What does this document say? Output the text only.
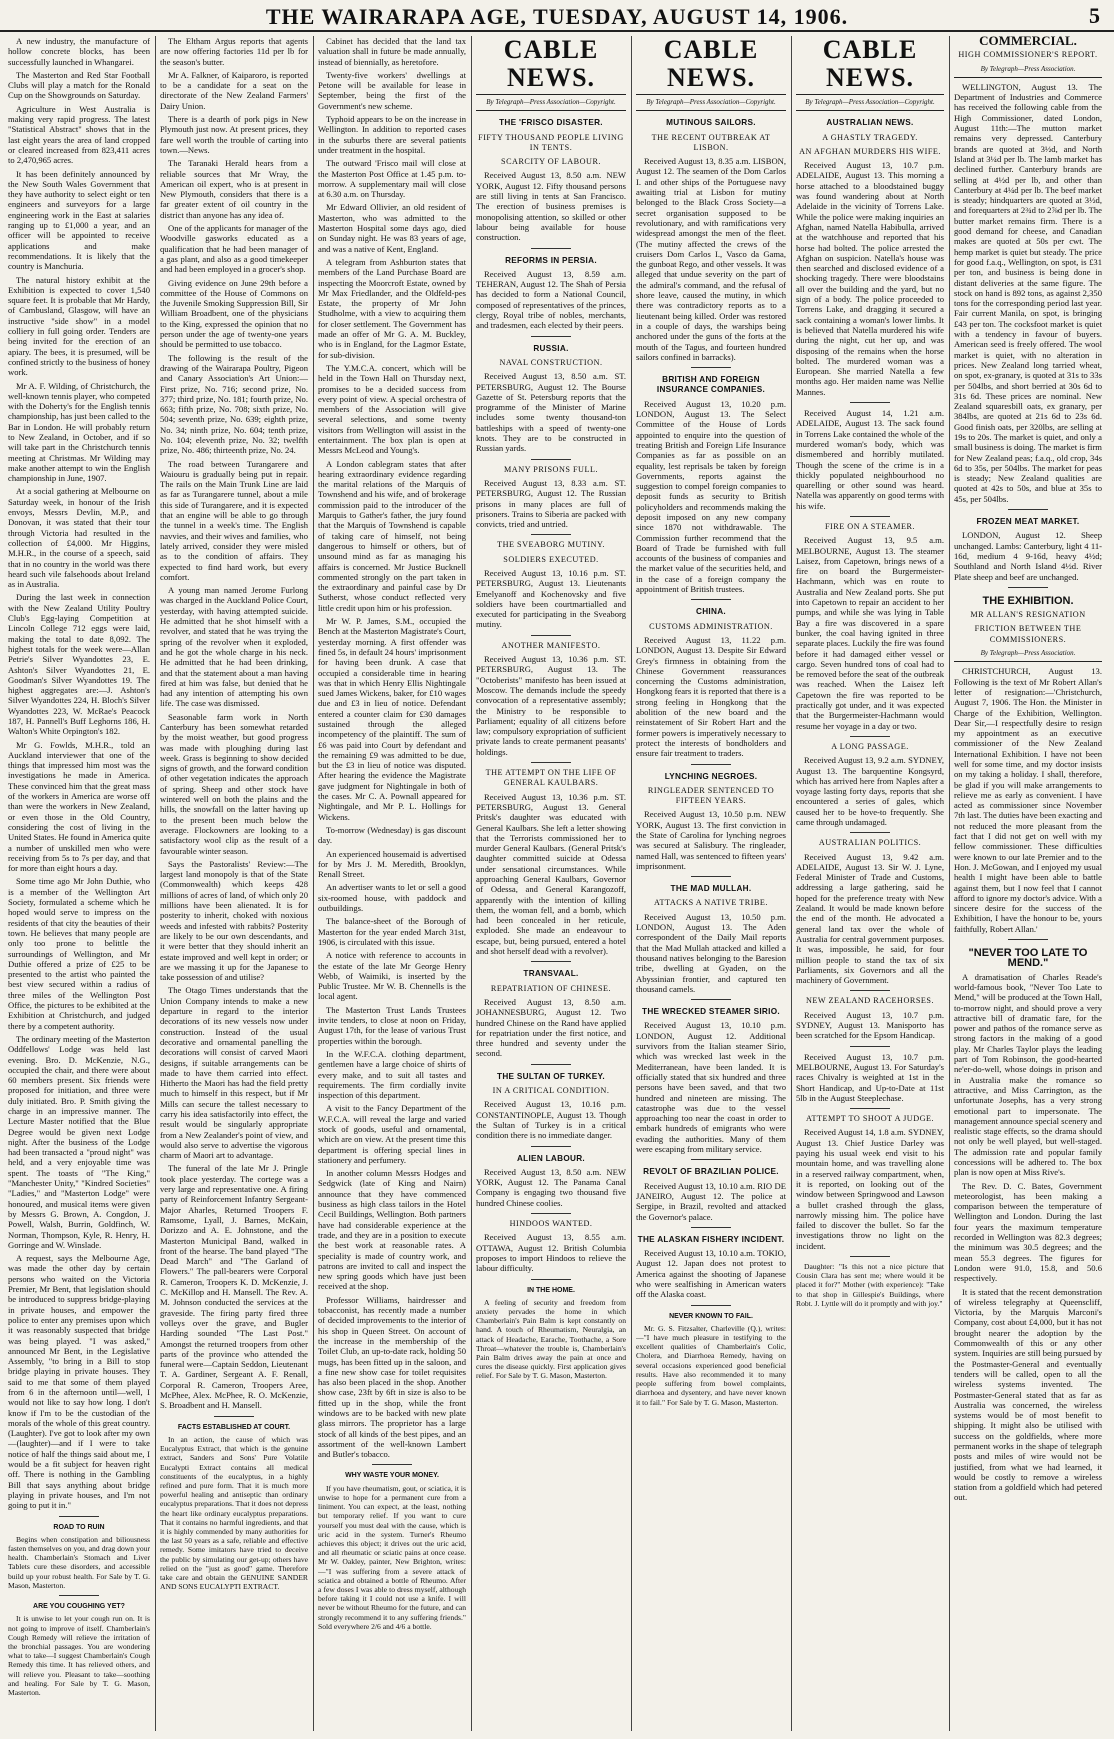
THE WAIRARAPA AGE, TUESDAY, AUGUST 14, 1906.	5

A new industry, the manufacture of hollow concrete blocks, has been successfully launched in Whangarei.

The Masterton and Red Star Football Clubs will play a match for the Ronald Cup on the Showgrounds on Saturday.

Agriculture in West Australia is making very rapid progress. The latest "Statistical Abstract" shows that in the last eight years the area of land cropped or cleared increased from 823,411 acres to 2,470,965 acres.

It has been definitely announced by the New South Wales Government that they have authority to select eight or ten engineers and surveyors for a large engineering work in the East at salaries ranging up to £1,000 a year, and an officer will be appointed to receive applications and make recommendations. It is likely that the country is Manchuria.

The natural history exhibit at the Exhibition is expected to cover 1,540 square feet. It is probable that Mr Hardy, of Cambusland, Glasgow, will have an instructive "side show" in a model colliery in full going order. Tenders are being invited for the erection of an apiary. The bees, it is presumed, will be confined strictly to the business of honey work.

Mr A. F. Wilding, of Christchurch, the well-known tennis player, who competed with the Doherty's for the English tennis championship, has just been called to the Bar in London. He will probably return to New Zealand, in October, and if so will take part in the Christchurch tennis meeting at Christmas. Mr Wilding may make another attempt to win the English championship in June, 1907.

At a social gathering at Melbourne on Saturday week, in honour of the Irish envoys, Messrs Devlin, M.P., and Donovan, it was stated that their tour through Victoria had resulted in the collection of £4,000. Mr Higgins, M.H.R., in the course of a speech, said that in no country in the world was there heard such vile falsehoods about Ireland as in Australia.

During the last week in connection with the New Zealand Utility Poultry Club's Egg-laying Competition at Lincoln College 712 eggs were laid, making the total to date 8,092. The highest totals for the week were—Allan Petrie's Silver Wyandottes 23, E. Ashton's Silver Wyandottes 21, E. Goodman's Silver Wyandottes 19. The highest aggregates are:—J. Ashton's Silver Wyandottes 224, H. Bloch's Silver Wyandottes 223, W. McRae's Peacock 187, H. Pannell's Buff Leghorns 186, H. Walton's White Orpington's 182.

Mr G. Fowlds, M.H.R., told an Auckland interviewer that one of the things that impressed him most was the investigations he made in America. These convinced him that the great mass of the workers in America are worse off than were the workers in New Zealand, or even those in the Old Country, considering the cost of living in the United States. He found in America quite a number of unskilled men who were receiving from 5s to 7s per day, and that for more than eight hours a day.

Some time ago Mr John Duthie, who is a member of the Wellington Art Society, formulated a scheme which he hoped would serve to impress on the residents of that city the beauties of their town. He believes that many people are only too prone to belittle the surroundings of Wellington, and Mr Duthie offered a prize of £25 to be presented to the artist who painted the best view secured within a radius of three miles of the Wellington Post Office, the pictures to be exhibited at the Exhibition at Christchurch, and judged there by a competent authority.

The ordinary meeting of the Masterton Oddfellows' Lodge was held last evening. Bro. D. McKenzie, N.G., occupied the chair, and there were about 60 members present. Six friends were proposed for initiation, and three were duly initiated. Bro. P. Smith giving the charge in an impressive manner. The Lecture Master notified that the Blue Degree would be given next Lodge night. After the business of the Lodge had been transacted a "proud night" was held, and a very enjoyable time was spent. The toasts of "The King," "Manchester Unity," "Kindred Societies" "Ladies," and "Masterton Lodge" were honoured, and musical items were given by Messrs G. Brown, A. Congdon, J. Powell, Walsh, Burrin, Goldfinch, W. Norman, Thompson, Kyle, R. Henry, H. Gorringe and W. Winslade.

A request, says the Melbourne Age, was made the other day by certain persons who waited on the Victoria Premier, Mr Bent, that legislation should be introduced to suppress bridge-playing in private houses, and empower the police to enter any premises upon which it was reasonably suspected that bridge was being played. "I was asked," announced Mr Bent, in the Legislative Assembly, "to bring in a Bill to stop bridge playing in private houses. They said to me that some of them played from 6 in the afternoon until—well, I would not like to say how long. I don't know if I'm to be the custodian of the morals of the whole of this great country. (Laughter). I've got to look after my own—(laughter)—and if I were to take notice of half the things said about me, I would be a fit subject for heaven right off. There is nothing in the Gambling Bill that says anything about bridge playing in private houses, and I'm not going to put it in."

ROAD TO RUIN

Begins when constipation and biliousness fasten themselves on you, and drag down your health. Chamberlain's Stomach and Liver Tablets cure these disorders, and accessible build up your robust health. For Sale by T. G. Mason, Masterton.

ARE YOU COUGHING YET?

It is unwise to let your cough run on. It is not going to improve of itself. Chamberlain's Cough Remedy will relieve the irritation of the bronchial passages. You are wondering what to take—I suggest Chamberlain's Cough Remedy this time. It has relieved others, and will relieve you. Pleasant to take—soothing and healing. For Sale by T. G. Mason, Masterton.

The Eltham Argus reports that agents are now offering factories 11d per lb for the season's butter.

Mr A. Falkner, of Kaiparoro, is reported to be a candidate for a seat on the directorate of the New Zealand Farmers' Dairy Union.

There is a dearth of pork pigs in New Plymouth just now. At present prices, they fare well worth the trouble of carting into town.—News.

The Taranaki Herald hears from a reliable sources that Mr Wray, the American oil expert, who is at present in New Plymouth, considers that there is a far greater extent of oil country in the district than anyone has any idea of.

One of the applicants for manager of the Woodville gasworks educated as a qualification that he had been manager of a gas plant, and also as a good timekeeper and had been employed in a grocer's shop.

Giving evidence on June 29th before a committee of the House of Commons on the Juvenile Smoking Suppression Bill, Sir William Broadbent, one of the physicians to the King, expressed the opinion that no person under the age of twenty-one years should be permitted to use tobacco.

The following is the result of the drawing of the Wairarapa Poultry, Pigeon and Canary Association's Art Union:—First prize, No. 716; second prize, No. 377; third prize, No. 181; fourth prize, No. 663; fifth prize, No. 708; sixth prize, No. 504; seventh prize, No. 639; eighth prize, No. 34; ninth prize, No. 604; tenth prize, No. 104; eleventh prize, No. 32; twelfth prize, No. 486; thirteenth prize, No. 24.

The road between Turangarere and Waiouru is gradually being put in repair. The rails on the Main Trunk Line are laid as far as Turangarere tunnel, about a mile this side of Turangarere, and it is expected that an engine will be able to go through the tunnel in a week's time. The English navvies, and their wives and families, who lately arrived, consider they were misled as to the condition of affairs. They expected to find hard work, but every comfort.

A young man named Jerome Furlong was charged in the Auckland Police Court, yesterday, with having attempted suicide. He admitted that he shot himself with a revolver, and stated that he was trying the spring of the revolver when it exploded, and he got the whole charge in his neck. He admitted that he had been drinking, and that the statement about a man having fired at him was false, but denied that he had any intention of attempting his own life. The case was dismissed.

Seasonable farm work in North Canterbury has been somewhat retarded by the moist weather, but good progress was made with ploughing during last week. Grass is beginning to show decided signs of growth, and the forward condition of other vegetation indicates the approach of spring. Sheep and other stock have wintered well on both the plains and the hills, the snowfall on the latter having up to the present been much below the average. Flockowners are looking to a satisfactory wool clip as the result of a favourable winter season.

Says the Pastoralists' Review:—The largest land monopoly is that of the State (Commonwealth) which keeps 428 millions of acres of land, of which only 20 millions have been alienated. It is for posterity to inherit, choked with noxious weeds and infested with rabbits? Posterity are likely to be our own descendants, and it were better that they should inherit an estate improved and well kept in order; or are we massing it up for the Japanese to take possession of and utilise?

The Otago Times understands that the Union Company intends to make a new departure in regard to the interior decorations of its new vessels now under construction. Instead of the usual decorative and ornamental panelling the decorations will consist of carved Maori designs, if suitable arrangements can be made to have them carried into effect. Hitherto the Maori has had the field pretty much to himself in this respect, but if Mr Mills can secure the tallest necessary to carry his idea satisfactorily into effect, the result would be singularly appropriate from a New Zealander's point of view, and would also serve to advertise the vigorous charm of Maori art to advantage.

The funeral of the late Mr J. Pringle took place yesterday. The cortege was a very large and representative one. A firing party of Reinforcement Infantry Sergeant-Major Aharles, Returned Troopers F. Ramsome, Lyall, J. Barnes, McKain, Dorizzo and A. E. Johnstone, and the Masterton Municipal Band, walked in front of the hearse. The band played "The Dead March" and "The Garland of Flowers." The pall-bearers were Corporal R. Cameron, Troopers K. D. McKenzie, J. C. McKillop and H. Mansell. The Rev. A. M. Johnson conducted the services at the graveside. The firing party fired three volleys over the grave, and Bugler Harding sounded "The Last Post." Amongst the returned troopers from other parts of the province who attended the funeral were—Captain Seddon, Lieutenant T. A. Gardiner, Sergeant A. F. Renall, Corporal R. Cameron, Troopers Aree, McPhee, Alex. McPhee, R. O. McKenzie, S. Broadbent and H. Mansell.

FACTS ESTABLISHED AT COURT.

In an action, the cause of which was Eucalyptus Extract, that which is the genuine extract, Sanders and Sons' Pure Volatile Eucalypti Extract contains all medical constituents of the eucalyptus, in a highly refined and pure form. That it is much more powerful healing and antiseptic than ordinary eucalyptus preparations. That it does not depress the heart like ordinary eucalyptus preparations. That it contains no harmful ingredients, and that it is highly commended by many authorities for the last 50 years as a safe, reliable and effective remedy. Some imitators have tried to deceive the public by simulating our get-up; others have relied on the "just as good" game. Therefore take care and obtain the GENUINE SANDER AND SONS EUCALYPTI EXTRACT.

Cabinet has decided that the land tax valuation shall in future be made annually, instead of biennially, as heretofore.

Twenty-five workers' dwellings at Petone will be available for lease in September, being the first of the Government's new scheme.

Typhoid appears to be on the increase in Wellington. In addition to reported cases in the suburbs there are several patients under treatment in the hospital.

The outward 'Frisco mail will close at the Masterton Post Office at 1.45 p.m. to-morrow. A supplementary mail will close at 6.30 a.m. on Thursday.

Mr Edward Ollivier, an old resident of Masterton, who was admitted to the Masterton Hospital some days ago, died on Sunday night. He was 83 years of age, and was a native of Kent, England.

A telegram from Ashburton states that members of the Land Purchase Board are inspecting the Moorcroft Estate, owned by Mr Max Friedlander, and the Oldfeld-pes Estate, the property of Mr John Studholme, with a view to acquiring them for closer settlement. The Government has made an offer of Mr G. A. M. Buckley, who is in England, for the Lagmor Estate, for sub-division.

The Y.M.C.A. concert, which will be held in the Town Hall on Thursday next, promises to be a decided success from every point of view. A special orchestra of members of the Association will give several selections, and some twenty visitors from Wellington will assist in the entertainment. The box plan is open at Messrs McLeod and Young's.

A London cablegram states that after hearing extraordinary evidence regarding the marital relations of the Marquis of Townshend and his wife, and of brokerage commission paid to the introducer of the Marquis to Gather's father, the jury found that the Marquis of Townshend is capable of taking care of himself, not being dangerous to himself or others, but of unsound mind as far as managing his affairs is concerned. Mr Justice Bucknell commented strongly on the part taken in the extraordinary and painful case by Dr Sutherst, whose conduct reflected very little credit upon him or his profession.

Mr W. P. James, S.M., occupied the Bench at the Masterton Magistrate's Court, yesterday morning. A first offender was fined 5s, in default 24 hours' imprisonment for having been drunk. A case that occupied a considerable time in hearing was that in which Henry Ellis Nightingale sued James Wickens, baker, for £10 wages due and £3 in lieu of notice. Defendant entered a counter claim for £30 damages sustained through the alleged incompetency of the plaintiff. The sum of £6 was paid into Court by defendant and the remaining £9 was admitted to be due, but the £3 in lieu of notice was disputed. After hearing the evidence the Magistrate gave judgment for Nightingale in both of the cases. Mr C. A. Pownall appeared for Nightingale, and Mr P. L. Hollings for Wickens.

To-morrow (Wednesday) is gas discount day.

An experienced housemaid is advertised for by Mrs J. M. Meredith, Brooklyn, Renall Street.

An advertiser wants to let or sell a good six-roomed house, with paddock and outbuildings.

The balance-sheet of the Borough of Masterton for the year ended March 31st, 1906, is circulated with this issue.

A notice with reference to accounts in the estate of the late Mr George Henry Webb, of Waimiki, is inserted by the Public Trustee. Mr W. B. Chennells is the local agent.

The Masterton Trust Lands Trustees invite tenders, to close at noon on Friday, August 17th, for the lease of various Trust properties within the borough.

In the W.F.C.A. clothing department, gentlemen have a large choice of shirts of every make, and to suit all tastes and requirements. The firm cordially invite inspection of this department.

A visit to the Fancy Department of the W.F.C.A. will reveal the large and varied stock of goods, useful and ornamental, which are on view. At the present time this department is offering special lines in stationery and perfumery.

In another column Messrs Hodges and Sedgwick (late of King and Nairn) announce that they have commenced business as high class tailors in the Hotel Cecil Buildings, Wellington. Both partners have had considerable experience at the trade, and they are in a position to execute the best work at reasonable rates. A speciality is made of country work, and patrons are invited to call and inspect the new spring goods which have just been received at the shop.

Professor Williams, hairdresser and tobacconist, has recently made a number of decided improvements to the interior of his shop in Queen Street. On account of the increase in the membership of the Toilet Club, an up-to-date rack, holding 50 mugs, has been fitted up in the saloon, and a fine new show case for toilet requisites has also been placed in the shop. Another show case, 23ft by 6ft in size is also to be fitted up in the shop, while the front windows are to be backed with new plate glass mirrors. The proprietor has a large stock of all kinds of the best pipes, and an assortment of the well-known Lambert and Butler's tobacco.

WHY WASTE YOUR MONEY.

If you have rheumatism, gout, or sciatica, it is unwise to hope for a permanent cure from a liniment. You can expect, at the least, nothing but temporary relief. If you want to cure yourself you must deal with the cause, which is uric acid in the system. Turner's Rheumo achieves this object; it drives out the uric acid, and all rheumatic or sciatic pains at once cease. Mr W. Oakley, painter, New Brighton, writes:—"I was suffering from a severe attack of sciatica and obtained a bottle of Rheumo. After a few doses I was able to dress myself, although before taking it I could not use a knife. I will never be without Rheumo for the future, and can strongly recommend it to any suffering friends." Sold everywhere 2/6 and 4/6 a bottle.

CABLE NEWS.
By Telegraph—Press Association—Copyright.
THE 'FRISCO DISASTER.
FIFTY THOUSAND PEOPLE LIVING IN TENTS.
SCARCITY OF LABOUR.

Received August 13, 8.50 a.m. NEW YORK, August 12. Fifty thousand persons are still living in tents at San Francisco. The erection of business premises is monopolising attention, so skilled or other labour being available for house construction.

REFORMS IN PERSIA.

Received August 13, 8.59 a.m. TEHERAN, August 12. The Shah of Persia has decided to form a National Council, composed of representatives of the princes, clergy, Royal tribe of nobles, merchants, and tradesmen, each elected by their peers.

RUSSIA.
NAVAL CONSTRUCTION.

Received August 13, 8.50 a.m. ST. PETERSBURG, August 12. The Bourse Gazette of St. Petersburg reports that the programme of the Minister of Marine includes some twenty thousand-ton battleships with a speed of twenty-one knots. They are to be constructed in Russian yards.

MANY PRISONS FULL.

Received August 13, 8.33 a.m. ST. PETERSBURG, August 12. The Russian prisons in many places are full of prisoners. Trains to Siberia are packed with convicts, tried and untried.

THE SVEABORG MUTINY.
SOLDIERS EXECUTED.

Received August 13, 10.16 p.m. ST. PETERSBURG, August 13. Lieutenants Emelyanoff and Kochenovsky and five soldiers have been courtmartialled and executed for participating in the Sveaborg mutiny.

ANOTHER MANIFESTO.

Received August 13, 10.36 p.m. ST. PETERSBURG, August 13. The "Octoberists" manifesto has been issued at Moscow. The demands include the speedy convocation of a representative assembly; the Ministry to be responsible to Parliament; equality of all citizens before law; compulsory expropriation of sufficient private lands to create permanent peasants' holdings.

THE ATTEMPT ON THE LIFE OF GENERAL KAULBARS.

Received August 13, 10.36 p.m. ST. PETERSBURG, August 13. General Pritsk's daughter was educated with General Kaulbars. She left a letter showing that the Terrorists commissioned her to murder General Kaulbars. (General Pritsk's daughter committed suicide at Odessa under sensational circumstances. While approaching General Kaulbars, Governor of Odessa, and General Karangozoff, apparently with the intention of killing them, the woman fell, and a bomb, which had been concealed in her reticule, exploded. She made an endeavour to escape, but, being pursued, entered a hotel and shot herself dead with a revolver).

TRANSVAAL.
REPATRIATION OF CHINESE.

Received August 13, 8.50 a.m. JOHANNESBURG, August 12. Two hundred Chinese on the Rand have applied for repatriation under the first notice, and three hundred and seventy under the second.

THE SULTAN OF TURKEY.
IN A CRITICAL CONDITION.

Received August 13, 10.16 p.m. CONSTANTINOPLE, August 13. Though the Sultan of Turkey is in a critical condition there is no immediate danger.

ALIEN LABOUR.

Received August 13, 8.50 a.m. NEW YORK, August 12. The Panama Canal Company is engaging two thousand five hundred Chinese coolies.

HINDOOS WANTED.

Received August 13, 8.55 a.m. OTTAWA, August 12. British Columbia proposes to import Hindoos to relieve the labour difficulty.

IN THE HOME.

A feeling of security and freedom from anxiety pervades the home in which Chamberlain's Pain Balm is kept constantly on hand. A touch of Rheumatism, Neuralgia, an attack of Headache, Earache, Toothache, a Sore Throat—whatever the trouble is, Chamberlain's Pain Balm drives away the pain at once and cures the disease quickly. First application gives relief. For Sale by T. G. Mason, Masterton.

CABLE NEWS.
By Telegraph—Press Association—Copyright.
MUTINOUS SAILORS.
THE RECENT OUTBREAK AT LISBON.

Received August 13, 8.35 a.m. LISBON, August 12. The seamen of the Dom Carlos I. and other ships of the Portuguese navy awaiting trial at Lisbon for mutiny belonged to the Black Cross Society—a secret organisation supposed to be revolutionary, and with ramifications very widespread amongst the men of the fleet. (The mutiny affected the crews of the cruisers Dom Carlos I., Vasco da Gama, the gunboat Rego, and other vessels. It was alleged that undue severity on the part of the admiral's command, and the refusal of shore leave, caused the mutiny, in which there was contradictory reports as to a lieutenant being killed. Order was restored in a couple of days, the warships being anchored under the guns of the forts at the mouth of the Tagus, and fourteen hundred sailors confined in barracks).

BRITISH AND FOREIGN INSURANCE COMPANIES.

Received August 13, 10.20 p.m. LONDON, August 13. The Select Committee of the House of Lords appointed to enquire into the question of treating British and Foreign Life Insurance Companies as far as possible on an equality, lest reprisals be taken by foreign Governments, reports against the suggestion to compel foreign companies to deposit funds as security to British policyholders and recommends making the deposit imposed on any new company since 1870 not withdrawable. The Commission further recommend that the Board of Trade be furnished with full accounts of the business of companies and the market value of the securities held, and in the case of a foreign company the appointment of British trustees.

CHINA.
CUSTOMS ADMINISTRATION.

Received August 13, 11.22 p.m. LONDON, August 13. Despite Sir Edward Grey's firmness in obtaining from the Chinese Government reassurances concerning the Customs administration, Hongkong fears it is reported that there is a strong feeling in Hongkong that the abolition of the new board and the reinstatement of Sir Robert Hart and the former powers is imperatively necessary to protect the interests of bondholders and ensure fair treatment to traders.

LYNCHING NEGROES.
RINGLEADER SENTENCED TO FIFTEEN YEARS.

Received August 13, 10.50 p.m. NEW YORK, August 13. The first conviction in the State of Carolina for lynching negroes was secured at Salisbury. The ringleader, named Hall, was sentenced to fifteen years' imprisonment.

THE MAD MULLAH.
ATTACKS A NATIVE TRIBE.

Received August 13, 10.50 p.m. LONDON, August 13. The Aden correspondent of the Daily Mail reports that the Mad Mullah attacked and killed a thousand natives belonging to the Baresion tribe, dwelling at Gyaden, on the Abyssinian frontier, and captured ten thousand camels.

THE WRECKED STEAMER SIRIO.

Received August 13, 10.10 p.m. LONDON, August 12. Additional survivors from the Italian steamer Sirio, which was wrecked last week in the Mediterranean, have been landed. It is officially stated that six hundred and three persons have been saved, and that two hundred and nineteen are missing. The catastrophe was due to the vessel approaching too near the coast in order to embark hundreds of emigrants who were evading the authorities. Many of them were escaping from military service.

REVOLT OF BRAZILIAN POLICE.

Received August 13, 10.10 a.m. RIO DE JANEIRO, August 12. The police at Sergipe, in Brazil, revolted and attacked the Governor's palace.

THE ALASKAN FISHERY INCIDENT.

Received August 13, 10.10 a.m. TOKIO, August 12. Japan does not protest to America against the shooting of Japanese who were sealfishing in American waters off the Alaska coast.

NEVER KNOWN TO FAIL.

Mr. G. S. Fitzsalter, Charleville (Q.), writes:—"I have much pleasure in testifying to the excellent qualities of Chamberlain's Colic, Cholera, and Diarrhoea Remedy, having on several occasions experienced good beneficial results. Have also recommended it to many people suffering from bowel complaints, diarrhoea and dysentery, and have never known it to fail." For Sale by T. G. Mason, Masterton.

CABLE NEWS.
By Telegraph—Press Association—Copyright.
AUSTRALIAN NEWS.
A GHASTLY TRAGEDY.
AN AFGHAN MURDERS HIS WIFE.

Received August 13, 10.7 p.m. ADELAIDE, August 13. This morning a horse attached to a bloodstained buggy was found wandering about at North Adelaide in the vicinity of Torrens Lake. While the police were making inquiries an Afghan, named Natella Habibulla, arrived at the watchhouse and reported that his horse had bolted. The police arrested the Afghan on suspicion. Natella's house was then searched and disclosed evidence of a shocking tragedy. There were bloodstains all over the building and the yard, but no sign of a body. The police proceeded to Torrens Lake, and dragging it secured a sack containing a woman's lower limbs. It is believed that Natella murdered his wife during the night, cut her up, and was disposing of the remains when the horse bolted. The murdered woman was a European. She married Natella a few months ago. Her maiden name was Nellie Mannes.

Received August 14, 1.21 a.m. ADELAIDE, August 13. The sack found in Torrens Lake contained the whole of the murdered woman's body, which was dismembered and horribly mutilated. Though the scene of the crime is in a thickly populated neighbourhood no quarelling or other sound was heard. Natella was apparently on good terms with his wife.

FIRE ON A STEAMER.

Received August 13, 9.5 a.m. MELBOURNE, August 13. The steamer Laisez, from Capetown, brings news of a fire on board the Burgermeister-Hachmann, which was en route to Australia and New Zealand ports. She put into Capetown to repair an accident to her pumps, and while she was lying in Table Bay a fire was discovered in a spare bunker, the coal having ignited in three separate places. Luckily the fire was found before it had damaged either vessel or cargo. Seven hundred tons of coal had to be removed before the seat of the outbreak was reached. When the Laisez left Capetown the fire was reported to be practically got under, and it was expected that the Burgermeister-Hachmann would resume her voyage in a day or two.

A LONG PASSAGE.

Received August 13, 9.2 a.m. SYDNEY, August 13. The barquentine Kongsyrd, which has arrived here from Naples after a voyage lasting forty days, reports that she encountered a series of gales, which caused her to be hove-to frequently. She came through undamaged.

AUSTRALIAN POLITICS.

Received August 13, 9.42 a.m. ADELAIDE, August 13. Sir W. J. Lyne, Federal Minister of Trade and Customs, addressing a large gathering, said he hoped for the preference treaty with New Zealand. It would be made known before the end of the month. He advocated a general land tax over the whole of Australia for central government purposes. It was, impossible, he said, for four million people to stand the tax of six Parliaments, six Governors and all the machinery of Government.

NEW ZEALAND RACEHORSES.

Received August 13, 10.7 p.m. SYDNEY, August 13. Manisporto has been scratched for the Epsom Handicap.

Received August 13, 10.7 p.m. MELBOURNE, August 13. For Saturday's races Chivalry is weighted at 1st in the Short Handicap, and Up-to-Date at 11st 5lb in the August Steeplechase.

ATTEMPT TO SHOOT A JUDGE.

Received August 14, 1.8 a.m. SYDNEY, August 13. Chief Justice Darley was paying his usual week end visit to his mountain home, and was travelling alone in a reserved railway compartment, when, it is reported, on looking out of the window between Springwood and Lawson a bullet crashed through the glass, narrowly missing him. The police have failed to discover the bullet. So far the investigations throw no light on the incident.

Daughter: "Is this not a nice picture that Cousin Clara has sent me; where would it be placed it for?" Mother (with experience): "Take to that shop in Gillespie's Buildings, where Robt. J. Lyttle will do it promptly and with joy."

COMMERCIAL.
HIGH COMMISSIONER'S REPORT.
By Telegraph—Press Association.

WELLINGTON, August 13. The Department of Industries and Commerce has received the following cable from the High Commissioner, dated London, August 11th:—The mutton market remains very depressed. Canterbury brands are quoted at 3½d, and North Island at 3¼d per lb. The lamb market has declined further. Canterbury brands are selling at 4½d per lb, and other than Canterbury at 4¼d per lb. The beef market is steady; hindquarters are quoted at 3½d, and forequarters at 2¾d to 2⅞d per lb. The butter market remains firm. There is a good demand for cheese, and Canadian makes are quoted at 50s per cwt. The hemp market is quiet but steady. The price for good f.a.q., Wellington, on spot, is £31 per ton, and business is being done in distant deliveries at the same figure. The stock on hand is 892 tons, as against 2,350 tons for the corresponding period last year. Fair current Manila, on spot, is bringing £43 per ton. The cocksfoot market is quiet with a tendency in favour of buyers. American seed is freely offered. The wool market is quiet, with no alteration in prices. New Zealand long tarried wheat, on spot, ex-granary, is quoted at 31s to 33s per 504lbs, and short berried at 30s 6d to 31s 6d. These prices are nominal. New Zealand squaresbill oats, ex granary, per 384lbs, are quoted at 21s 6d to 23s 6d. Good finish oats, per 320lbs, are selling at 19s to 20s. The market is quiet, and only a small business is doing. The market is firm for New Zealand peas; f.a.q., old crop, 34s 6d to 35s, per 504lbs. The market for peas is steady; New Zealand qualities are quoted at 42s to 50s, and blue at 35s to 45s, per 504lbs.

FROZEN MEAT MARKET.

LONDON, August 12. Sheep unchanged. Lambs: Canterbury, light 4 11-16d, medium 4 9-16d, heavy 4½d; Southland and North Island 4½d. River Plate sheep and beef are unchanged.

THE EXHIBITION.
MR ALLAN'S RESIGNATION
FRICTION BETWEEN THE COMMISSIONERS.
By Telegraph—Press Association.

CHRISTCHURCH, August 13. Following is the text of Mr Robert Allan's letter of resignation:—'Christchurch, August 7, 1906. The Hon. the Minister in Charge of the Exhibition, Wellington. Dear Sir,—I respectfully desire to resign my appointment as an executive commissioner of the New Zealand International Exhibition. I have not been well for some time, and my doctor insists on my taking a holiday. I shall, therefore, be glad if you will make arrangements to relieve me as early as convenient. I have acted as commissioner since November 7th last. The duties have been exacting and not reduced the more pleasant from the fact that I did not get on well with my fellow commissioner. These difficulties were known to our late Premier and to the Hon. J. McGowan, and I enjoyed my usual health I might have been able to battle against them, but I now feel that I cannot afford to ignore my doctor's advice. With a sincere desire for the success of the Exhibition, I have the honour to be, yours faithfully, Robert Allan.'

"NEVER TOO LATE TO MEND."

A dramatisation of Charles Reade's world-famous book, "Never Too Late to Mend," will be produced at the Town Hall, to-morrow night, and should prove a very attractive bill of dramatic fare, for the power and pathos of the romance serve as strong factors in the making of a good play. Mr Charles Taylor plays the leading part of Tom Robinson, the good-hearted ne'er-do-well, whose doings in prison and in Australia make the romance so attractive, and Miss Carrington, as the unfortunate Josephs, has a very strong emotional part to impersonate. The management announce special scenery and realistic stage effects, so the drama should not only be well played, but well-staged. The admission rate and popular family concessions will be adhered to. The box plan is now open at Miss Rive's.

The Rev. D. C. Bates, Government meteorologist, has been making a comparison between the temperature of Wellington and London. During the last four years the maximum temperature recorded in Wellington was 82.3 degrees; the minimum was 30.5 degrees; and the mean 55.3 degrees. The figures for London were 91.0, 15.8, and 50.6 respectively.

It is stated that the recent demonstration of wireless telegraphy at Queenscliff, Victoria, by the Marquis Marconi's Company, cost about £4,000, but it has not brought nearer the adoption by the Commonwealth of this or any other system. Inquiries are still being pursued by the Postmaster-General and eventually tenders will be called, open to all the wireless systems invented. The Postmaster-General stated that as far as Australia was concerned, the wireless systems would be of most benefit to shipping. It might also be utilised with success on the goldfields, where more permanent works in the shape of telegraph posts and miles of wire would not be justified, from what we had learned, it would be costly to remove a wireless station from a goldfield which had petered out.
